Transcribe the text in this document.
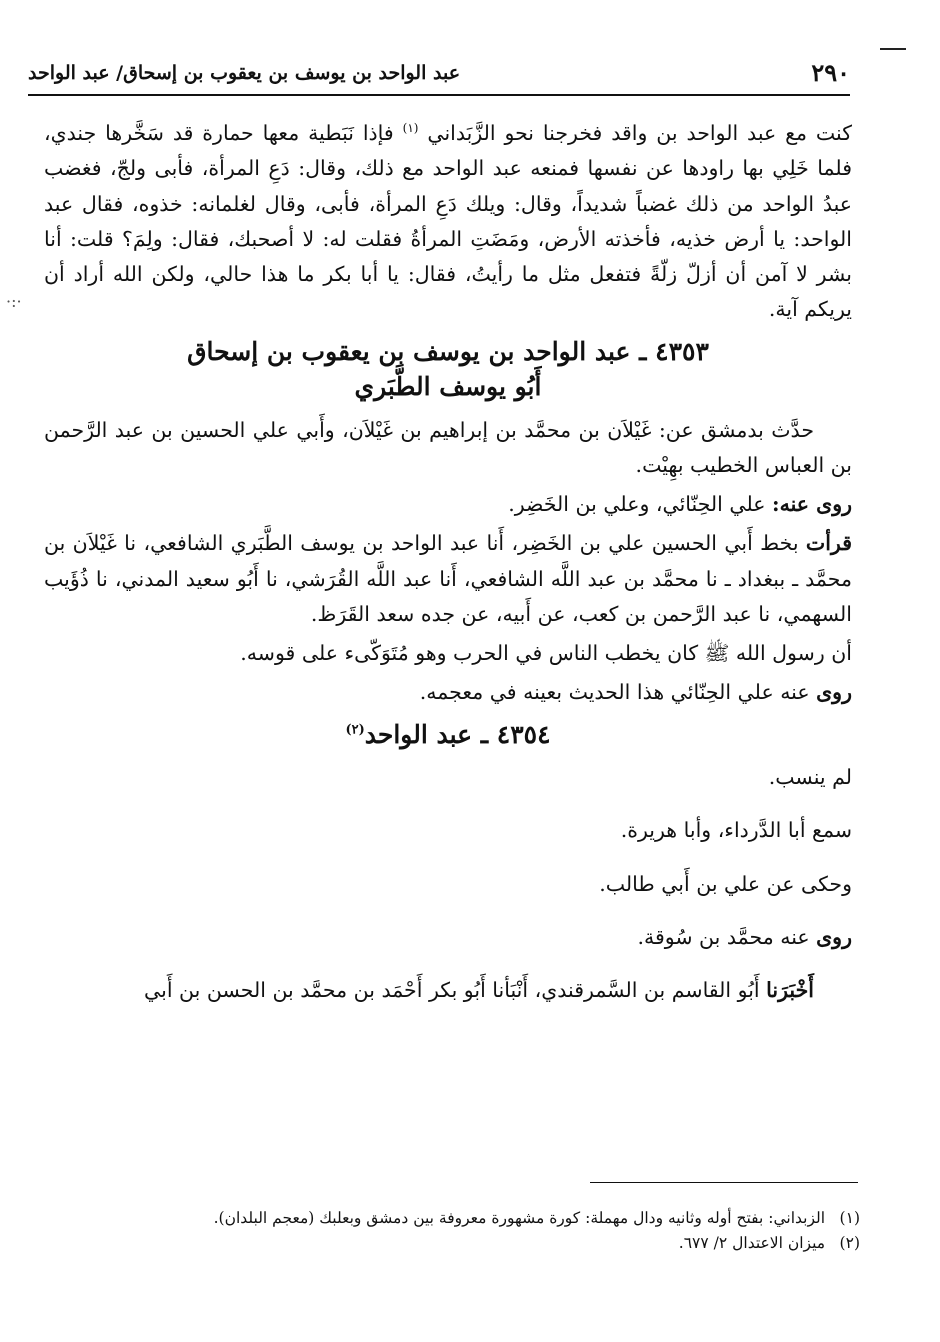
·:·
٢٩٠
عبد الواحد بن يوسف بن يعقوب بن إسحاق/ عبد الواحد

كنت مع عبد الواحد بن واقد فخرجنا نحو الزَّبَداني $^{(١)}$ فإذا نَبَطية معها حمارة قد سَخَّرها جندي، فلما خَلِي بها راودها عن نفسها فمنعه عبد الواحد مع ذلك، وقال: دَعِ المرأة، فأبى ولجّ، فغضب عبدُ الواحد من ذلك غضباً شديداً، وقال: ويلك دَعِ المرأة، فأبى، وقال لغلمانه: خذوه، فقال عبد الواحد: يا أرض خذيه، فأخذته الأرض، ومَضَتِ المرأةُ فقلت له: لا أصحبك، فقال: ولِمَ؟ قلت: أنا بشر لا آمن أن أزلّ زلّةً فتفعل مثل ما رأيتُ، فقال: يا أبا بكر ما هذا حالي، ولكن الله أراد أن يريكم آية.

٤٣٥٣ ـ عبد الواحد بن يوسف بن يعقوب بن إسحاق
أَبُو يوسف الطَّبَري

حدَّث بدمشق عن: غَيْلاَن بن محمَّد بن إبراهيم بن غَيْلاَن، وأَبي علي الحسين بن عبد الرَّحمن بن العباس الخطيب بهِيْت.

روى عنه: علي الحِنّائي، وعلي بن الخَضِر.

قرأت بخط أَبي الحسين علي بن الخَضِر، أَنا عبد الواحد بن يوسف الطَّبَري الشافعي، نا غَيْلاَن بن محمَّد ـ ببغداد ـ نا محمَّد بن عبد اللَّه الشافعي، أَنا عبد اللَّه القُرَشي، نا أَبُو سعيد المدني، نا ذُؤَيب السهمي، نا عبد الرَّحمن بن كعب، عن أَبيه، عن جده سعد القَرَظ.

أن رسول الله ﷺ كان يخطب الناس في الحرب وهو مُتَوَكّىء على قوسه.

روى عنه علي الحِنّائي هذا الحديث بعينه في معجمه.

٤٣٥٤ ـ عبد الواحد$^{(٢)}$

لم ينسب.

سمع أبا الدَّرداء، وأبا هريرة.

وحكى عن علي بن أَبي طالب.

روى عنه محمَّد بن سُوقة.

أَخْبَرَنا أَبُو القاسم بن السَّمرقندي، أَنْبَأنا أَبُو بكر أَحْمَد بن محمَّد بن الحسن بن أَبي

(١) الزبداني: بفتح أوله وثانيه ودال مهملة: كورة مشهورة معروفة بين دمشق وبعلبك (معجم البلدان).

(٢) ميزان الاعتدال ٢/ ٦٧٧.
